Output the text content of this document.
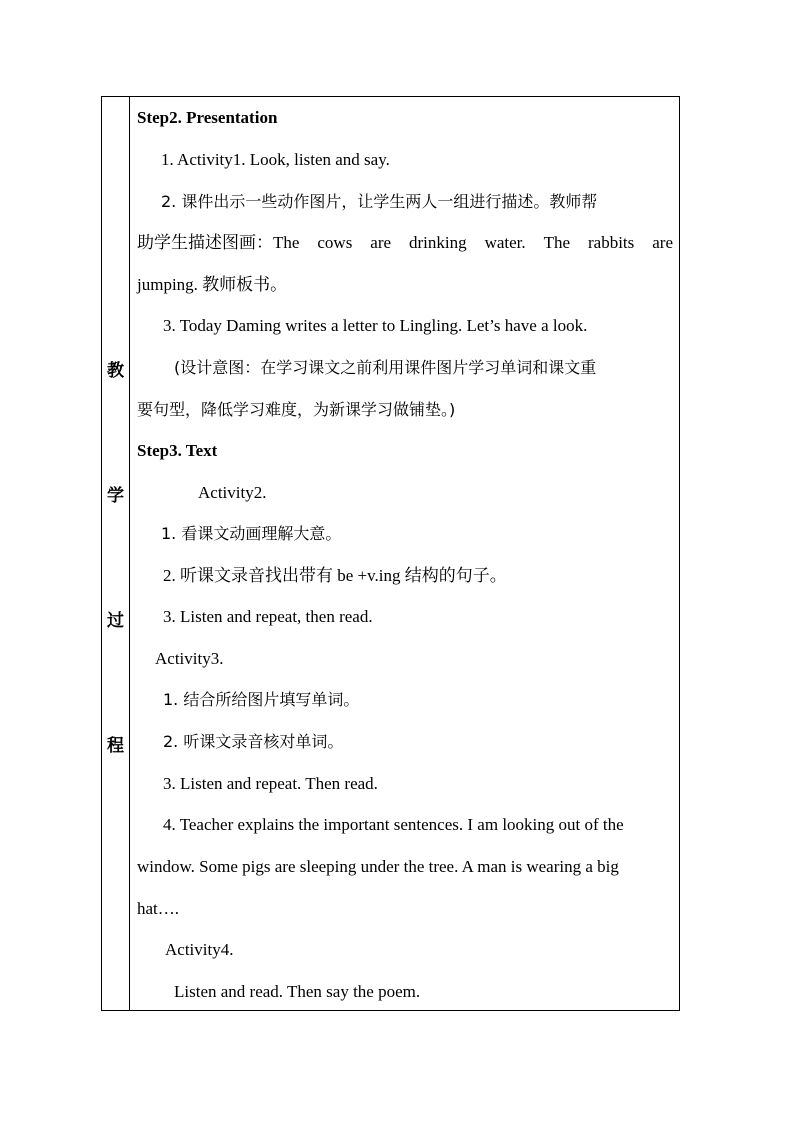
教
学
过
程
Step2. Presentation
1. Activity1. Look, listen and say.
2. 课件出示一些动作图片，让学生两人一组进行描述。教师帮
助学生描述图画：The cows are drinking water. The rabbits are
jumping. 教师板书。
3. Today Daming writes a letter to Lingling. Let’s have a look.
(设计意图：在学习课文之前利用课件图片学习单词和课文重
要句型，降低学习难度，为新课学习做铺垫。)
Step3. Text
Activity2.
1. 看课文动画理解大意。
2. 听课文录音找出带有 be +v.ing 结构的句子。
3. Listen and repeat, then read.
Activity3.
1. 结合所给图片填写单词。
2. 听课文录音核对单词。
3. Listen and repeat. Then read.
4. Teacher explains the important sentences. I am looking out of the
window. Some pigs are sleeping under the tree. A man is wearing a big
hat….
Activity4.
Listen and read. Then say the poem.
